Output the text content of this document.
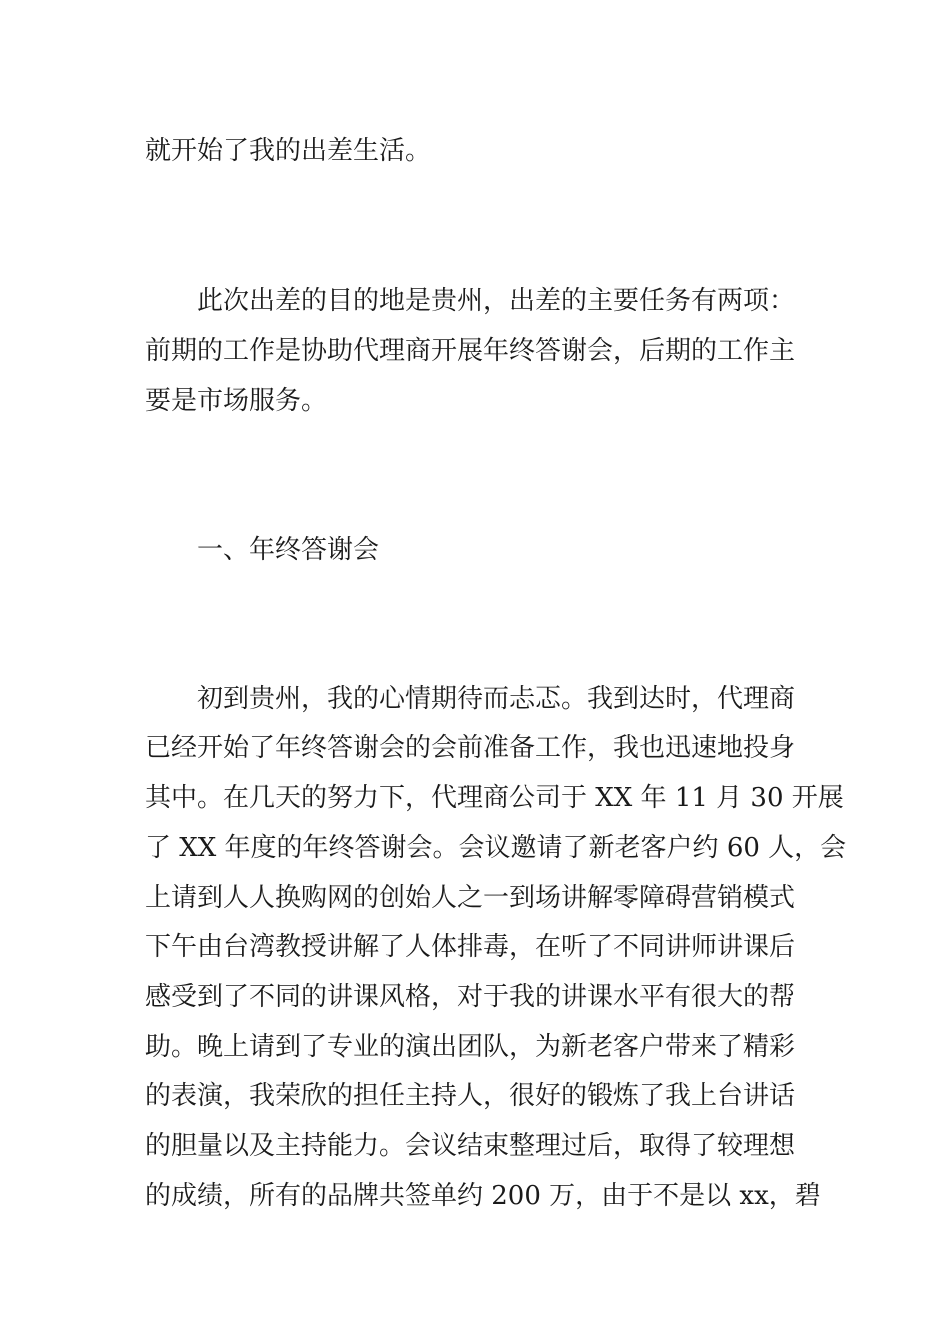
就开始了我的出差生活。
　　此次出差的目的地是贵州，出差的主要任务有两项：
前期的工作是协助代理商开展年终答谢会，后期的工作主
要是市场服务。
　　一、年终答谢会
　　初到贵州，我的心情期待而忐忑。我到达时，代理商
已经开始了年终答谢会的会前准备工作，我也迅速地投身
其中。在几天的努力下，代理商公司于 XX 年 11 月 30 开展
了 XX 年度的年终答谢会。会议邀请了新老客户约 60 人，会
上请到人人换购网的创始人之一到场讲解零障碍营销模式
下午由台湾教授讲解了人体排毒，在听了不同讲师讲课后
感受到了不同的讲课风格，对于我的讲课水平有很大的帮
助。晚上请到了专业的演出团队，为新老客户带来了精彩
的表演，我荣欣的担任主持人，很好的锻炼了我上台讲话
的胆量以及主持能力。会议结束整理过后，取得了较理想
的成绩，所有的品牌共签单约 200 万，由于不是以 xx，碧
